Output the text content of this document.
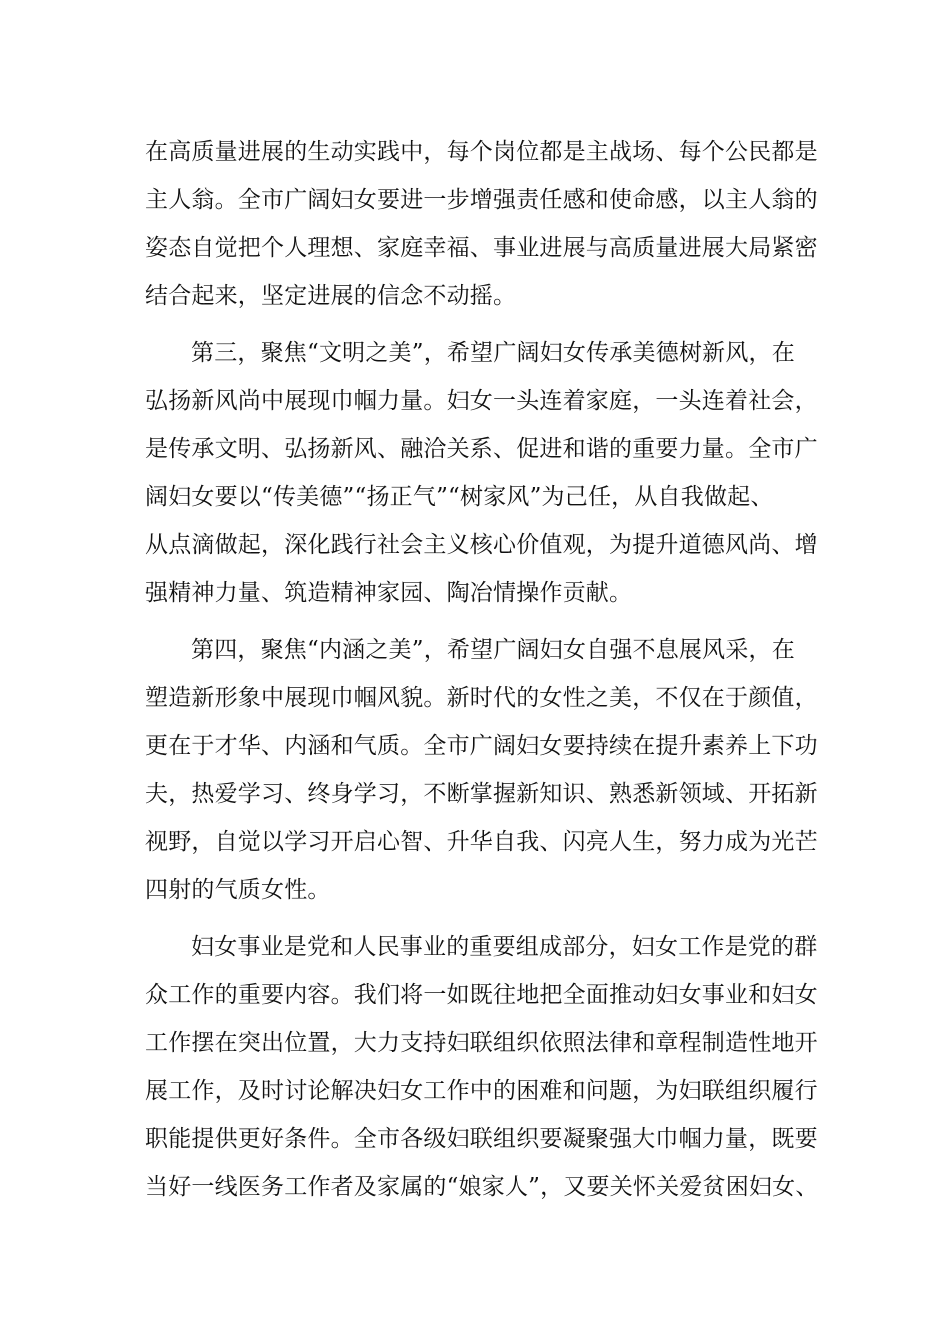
在高质量进展的生动实践中，每个岗位都是主战场、每个公民都是
主人翁。全市广阔妇女要进一步增强责任感和使命感，以主人翁的
姿态自觉把个人理想、家庭幸福、事业进展与高质量进展大局紧密
结合起来，坚定进展的信念不动摇。
第三，聚焦“文明之美”，希望广阔妇女传承美德树新风，在
弘扬新风尚中展现巾帼力量。妇女一头连着家庭，一头连着社会，
是传承文明、弘扬新风、融洽关系、促进和谐的重要力量。全市广
阔妇女要以“传美德”“扬正气”“树家风”为己任，从自我做起、
从点滴做起，深化践行社会主义核心价值观，为提升道德风尚、增
强精神力量、筑造精神家园、陶冶情操作贡献。
第四，聚焦“内涵之美”，希望广阔妇女自强不息展风采，在
塑造新形象中展现巾帼风貌。新时代的女性之美，不仅在于颜值，
更在于才华、内涵和气质。全市广阔妇女要持续在提升素养上下功
夫，热爱学习、终身学习，不断掌握新知识、熟悉新领域、开拓新
视野，自觉以学习开启心智、升华自我、闪亮人生，努力成为光芒
四射的气质女性。
妇女事业是党和人民事业的重要组成部分，妇女工作是党的群
众工作的重要内容。我们将一如既往地把全面推动妇女事业和妇女
工作摆在突出位置，大力支持妇联组织依照法律和章程制造性地开
展工作，及时讨论解决妇女工作中的困难和问题，为妇联组织履行
职能提供更好条件。全市各级妇联组织要凝聚强大巾帼力量，既要
当好一线医务工作者及家属的“娘家人”，又要关怀关爱贫困妇女、
